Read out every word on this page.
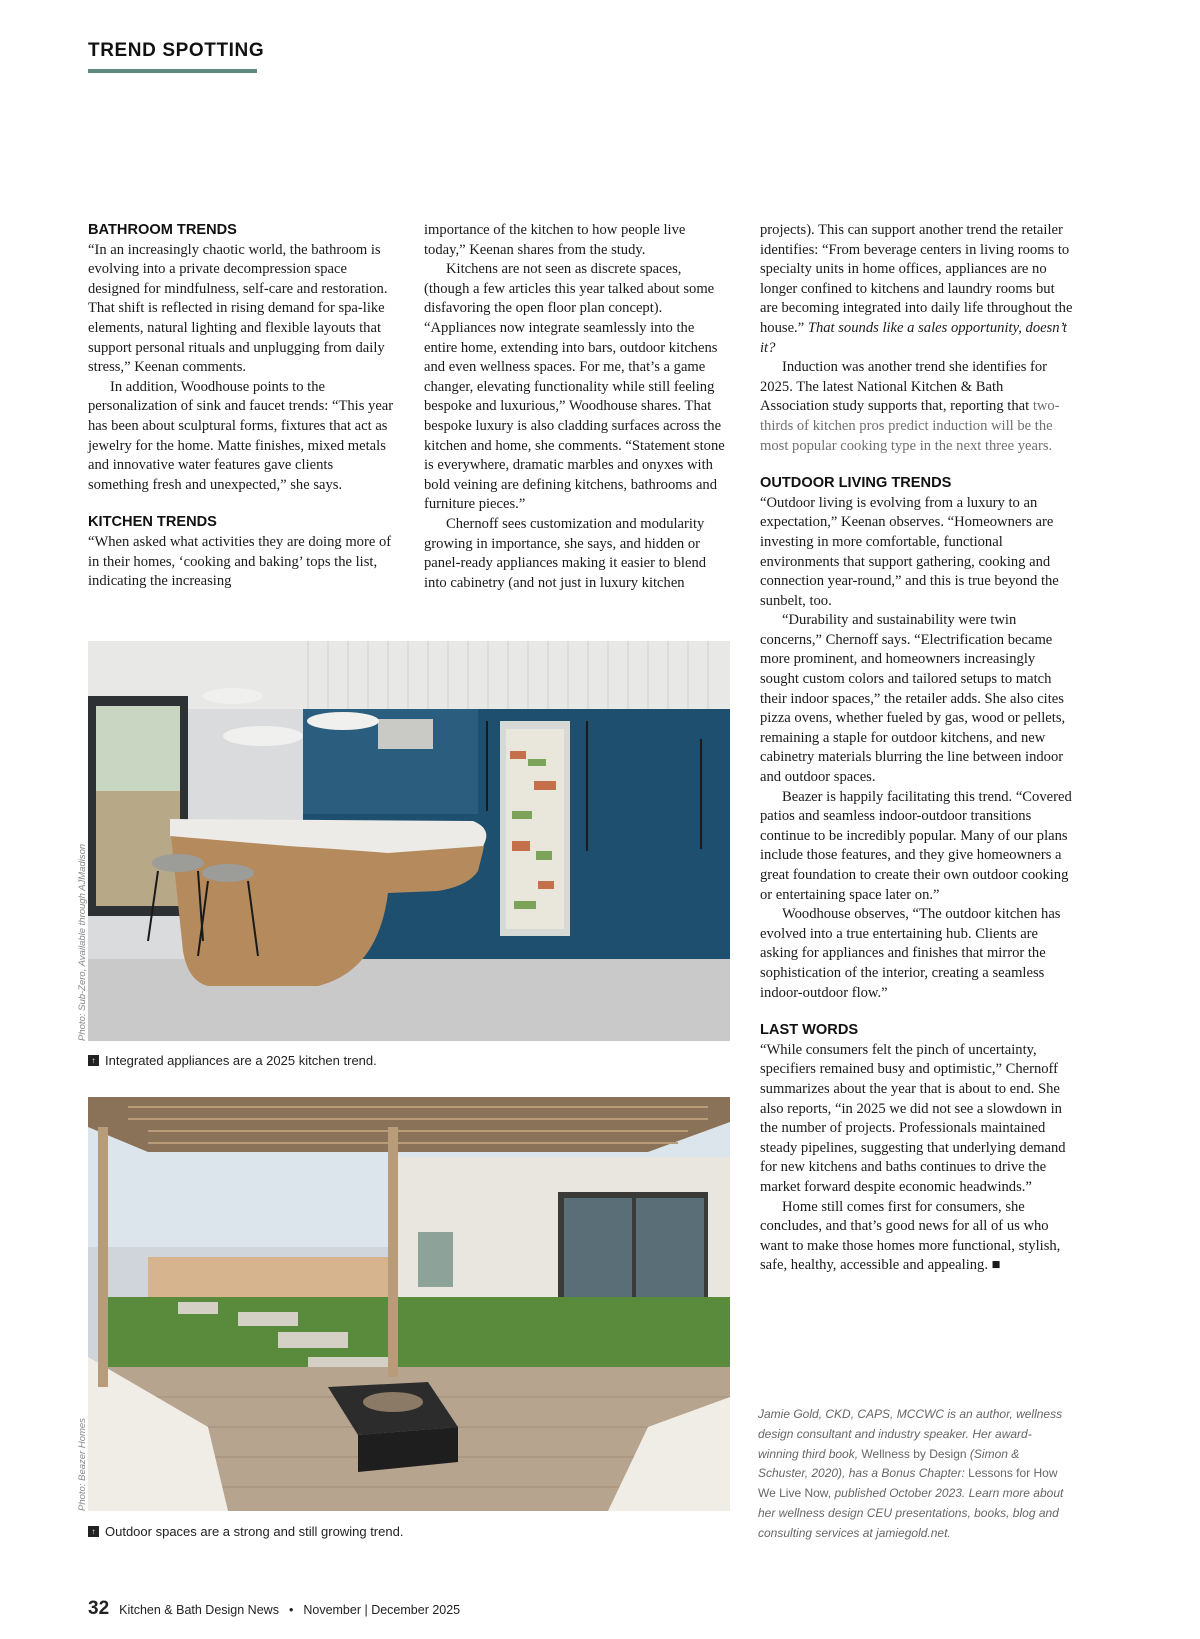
TREND SPOTTING
BATHROOM TRENDS

“In an increasingly chaotic world, the bathroom is evolving into a private decompression space designed for mindfulness, self-care and restoration. That shift is reflected in rising demand for spa-like elements, natural lighting and flexible layouts that support personal rituals and unplugging from daily stress,” Keenan comments.

In addition, Woodhouse points to the personalization of sink and faucet trends: “This year has been about sculptural forms, fixtures that act as jewelry for the home. Matte finishes, mixed metals and innovative water features gave clients something fresh and unexpected,” she says.

KITCHEN TRENDS

“When asked what activities they are doing more of in their homes, ‘cooking and baking’ tops the list, indicating the increasing

importance of the kitchen to how people live today,” Keenan shares from the study.

Kitchens are not seen as discrete spaces, (though a few articles this year talked about some disfavoring the open floor plan concept). “Appliances now integrate seamlessly into the entire home, extending into bars, outdoor kitchens and even wellness spaces. For me, that’s a game changer, elevating functionality while still feeling bespoke and luxurious,” Woodhouse shares. That bespoke luxury is also cladding surfaces across the kitchen and home, she comments. “Statement stone is everywhere, dramatic marbles and onyxes with bold veining are defining kitchens, bathrooms and furniture pieces.”

Chernoff sees customization and modularity growing in importance, she says, and hidden or panel-ready appliances making it easier to blend into cabinetry (and not just in luxury kitchen

projects). This can support another trend the retailer identifies: “From beverage centers in living rooms to specialty units in home offices, appliances are no longer confined to kitchens and laundry rooms but are becoming integrated into daily life throughout the house.” That sounds like a sales opportunity, doesn’t it?

Induction was another trend she identifies for 2025. The latest National Kitchen & Bath Association study supports that, reporting that two-thirds of kitchen pros predict induction will be the most popular cooking type in the next three years.

OUTDOOR LIVING TRENDS

“Outdoor living is evolving from a luxury to an expectation,” Keenan observes. “Homeowners are investing in more comfortable, functional environments that support gathering, cooking and connection year-round,” and this is true beyond the sunbelt, too.

“Durability and sustainability were twin concerns,” Chernoff says. “Electrification became more prominent, and homeowners increasingly sought custom colors and tailored setups to match their indoor spaces,” the retailer adds. She also cites pizza ovens, whether fueled by gas, wood or pellets, remaining a staple for outdoor kitchens, and new cabinetry materials blurring the line between indoor and outdoor spaces.

Beazer is happily facilitating this trend. “Covered patios and seamless indoor-outdoor transitions continue to be incredibly popular. Many of our plans include those features, and they give homeowners a great foundation to create their own outdoor cooking or entertaining space later on.”

Woodhouse observes, “The outdoor kitchen has evolved into a true entertaining hub. Clients are asking for appliances and finishes that mirror the sophistication of the interior, creating a seamless indoor-outdoor flow.”

LAST WORDS

“While consumers felt the pinch of uncertainty, specifiers remained busy and optimistic,” Chernoff summarizes about the year that is about to end. She also reports, “in 2025 we did not see a slowdown in the number of projects. Professionals maintained steady pipelines, suggesting that underlying demand for new kitchens and baths continues to drive the market forward despite economic headwinds.”

Home still comes first for consumers, she concludes, and that’s good news for all of us who want to make those homes more functional, stylish, safe, healthy, accessible and appealing. ■

Photo: Sub-Zero, Available through AJMadison
↑ Integrated appliances are a 2025 kitchen trend.
Photo: Beazer Homes
↑ Outdoor spaces are a strong and still growing trend.
Jamie Gold, CKD, CAPS, MCCWC is an author, wellness design consultant and industry speaker. Her award-winning third book, Wellness by Design (Simon & Schuster, 2020), has a Bonus Chapter: Lessons for How We Live Now, published October 2023. Learn more about her wellness design CEU presentations, books, blog and consulting services at jamiegold.net.
32 Kitchen & Bath Design News • November | December 2025
